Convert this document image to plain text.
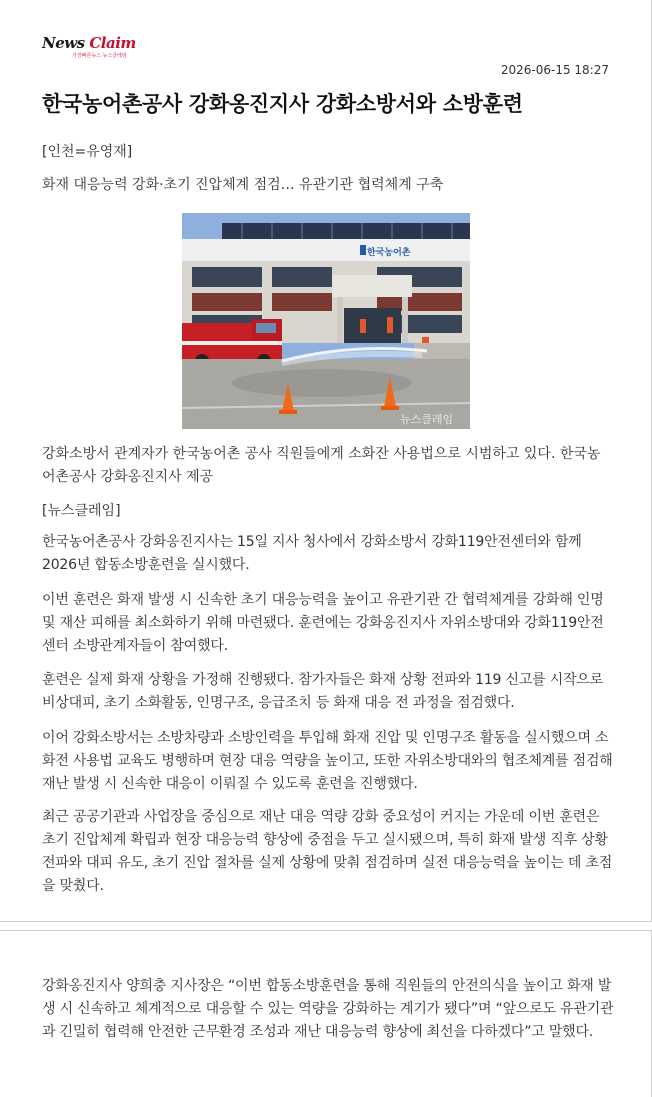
News Claim
가장빠른뉴스 뉴스클레임
2026-06-15 18:27
한국농어촌공사 강화옹진지사 강화소방서와 소방훈련
[인천=유영재]
화재 대응능력 강화·초기 진압체계 점검… 유관기관 협력체계 구축
한국농어촌
뉴스클레임
강화소방서 관계자가 한국농어촌 공사 직원들에게 소화잔 사용법으로 시범하고 있다. 한국농어촌공사 강화옹진지사 제공
[뉴스클레임]

한국농어촌공사 강화옹진지사는 15일 지사 청사에서 강화소방서 강화119안전센터와 함께 2026년 합동소방훈련을 실시했다.

이번 훈련은 화재 발생 시 신속한 초기 대응능력을 높이고 유관기관 간 협력체계를 강화해 인명 및 재산 피해를 최소화하기 위해 마련됐다. 훈련에는 강화옹진지사 자위소방대와 강화119안전센터 소방관계자들이 참여했다.

훈련은 실제 화재 상황을 가정해 진행됐다. 참가자들은 화재 상황 전파와 119 신고를 시작으로 비상대피, 초기 소화활동, 인명구조, 응급조치 등 화재 대응 전 과정을 점검했다.

이어 강화소방서는 소방차량과 소방인력을 투입해 화재 진압 및 인명구조 활동을 실시했으며 소화전 사용법 교육도 병행하며 현장 대응 역량을 높이고, 또한 자위소방대와의 협조체계를 점검해 재난 발생 시 신속한 대응이 이뤄질 수 있도록 훈련을 진행했다.

최근 공공기관과 사업장을 중심으로 재난 대응 역량 강화 중요성이 커지는 가운데 이번 훈련은 초기 진압체계 확립과 현장 대응능력 향상에 중점을 두고 실시됐으며, 특히 화재 발생 직후 상황 전파와 대피 유도, 초기 진압 절차를 실제 상황에 맞춰 점검하며 실전 대응능력을 높이는 데 초점을 맞췄다.

강화옹진지사 양희충 지사장은 “이번 합동소방훈련을 통해 직원들의 안전의식을 높이고 화재 발생 시 신속하고 체계적으로 대응할 수 있는 역량을 강화하는 계기가 됐다”며 “앞으로도 유관기관과 긴밀히 협력해 안전한 근무환경 조성과 재난 대응능력 향상에 최선을 다하겠다”고 말했다.
